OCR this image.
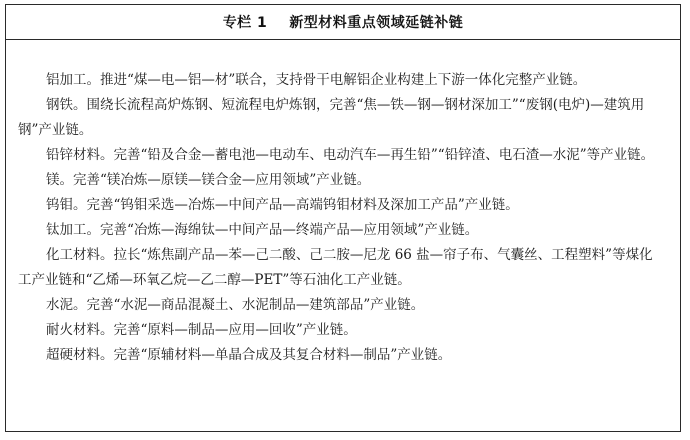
专栏 1 新型材料重点领域延链补链

铝加工。推进“煤—电—铝—材”联合，支持骨干电解铝企业构建上下游一体化完整产业链。

钢铁。围绕长流程高炉炼钢、短流程电炉炼钢，完善“焦—铁—钢—钢材深加工”“废钢(电炉)—建筑用钢”产业链。

铅锌材料。完善“铅及合金—蓄电池—电动车、电动汽车—再生铅”“铅锌渣、电石渣—水泥”等产业链。

镁。完善“镁冶炼—原镁—镁合金—应用领域”产业链。

钨钼。完善“钨钼采选—冶炼—中间产品—高端钨钼材料及深加工产品”产业链。

钛加工。完善“冶炼—海绵钛—中间产品—终端产品—应用领域”产业链。

化工材料。拉长“炼焦副产品—苯—己二酸、己二胺—尼龙 66 盐—帘子布、气囊丝、工程塑料”等煤化工产业链和“乙烯—环氧乙烷—乙二醇—PET”等石油化工产业链。

水泥。完善“水泥—商品混凝土、水泥制品—建筑部品”产业链。

耐火材料。完善“原料—制品—应用—回收”产业链。

超硬材料。完善“原辅材料—单晶合成及其复合材料—制品”产业链。
